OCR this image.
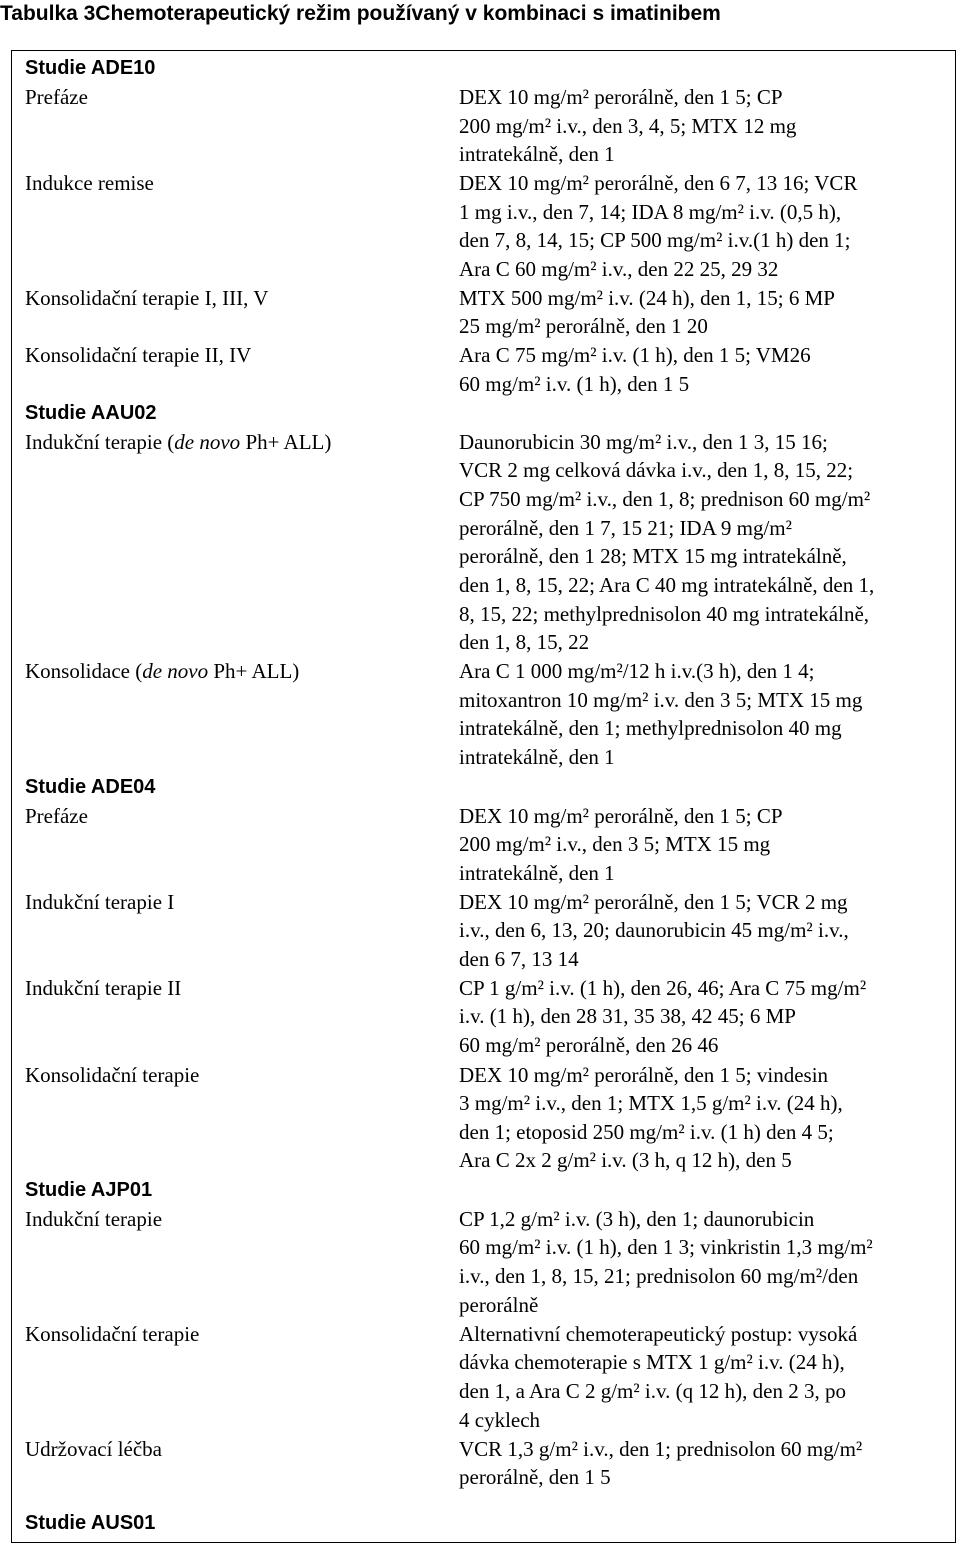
Tabulka 3Chemoterapeutický režim používaný v kombinaci s imatinibem
Studie ADE10
Prefáze	DEX 10 mg/m² perorálně, den 1 5; CP
200 mg/m² i.v., den 3, 4, 5; MTX 12 mg
intratekálně, den 1
Indukce remise	DEX 10 mg/m² perorálně, den 6 7, 13 16; VCR
1 mg i.v., den 7, 14; IDA 8 mg/m² i.v. (0,5 h),
den 7, 8, 14, 15; CP 500 mg/m² i.v.(1 h) den 1;
Ara C 60 mg/m² i.v., den 22 25, 29 32
Konsolidační terapie I, III, V	MTX 500 mg/m² i.v. (24 h), den 1, 15; 6 MP
25 mg/m² perorálně, den 1 20
Konsolidační terapie II, IV	Ara C 75 mg/m² i.v. (1 h), den 1 5; VM26
60 mg/m² i.v. (1 h), den 1 5
Studie AAU02
Indukční terapie (de novo Ph+ ALL)	Daunorubicin 30 mg/m² i.v., den 1 3, 15 16;
VCR 2 mg celková dávka i.v., den 1, 8, 15, 22;
CP 750 mg/m² i.v., den 1, 8; prednison 60 mg/m²
perorálně, den 1 7, 15 21; IDA 9 mg/m²
perorálně, den 1 28; MTX 15 mg intratekálně,
den 1, 8, 15, 22; Ara C 40 mg intratekálně, den 1,
8, 15, 22; methylprednisolon 40 mg intratekálně,
den 1, 8, 15, 22
Konsolidace (de novo Ph+ ALL)	Ara C 1 000 mg/m²/12 h i.v.(3 h), den 1 4;
mitoxantron 10 mg/m² i.v. den 3 5; MTX 15 mg
intratekálně, den 1; methylprednisolon 40 mg
intratekálně, den 1
Studie ADE04
Prefáze	DEX 10 mg/m² perorálně, den 1 5; CP
200 mg/m² i.v., den 3 5; MTX 15 mg
intratekálně, den 1
Indukční terapie I	DEX 10 mg/m² perorálně, den 1 5; VCR 2 mg
i.v., den 6, 13, 20; daunorubicin 45 mg/m² i.v.,
den 6 7, 13 14
Indukční terapie II	CP 1 g/m² i.v. (1 h), den 26, 46; Ara C 75 mg/m²
i.v. (1 h), den 28 31, 35 38, 42 45; 6 MP
60 mg/m² perorálně, den 26 46
Konsolidační terapie	DEX 10 mg/m² perorálně, den 1 5; vindesin
3 mg/m² i.v., den 1; MTX 1,5 g/m² i.v. (24 h),
den 1; etoposid 250 mg/m² i.v. (1 h) den 4 5;
Ara C 2x 2 g/m² i.v. (3 h, q 12 h), den 5
Studie AJP01
Indukční terapie	CP 1,2 g/m² i.v. (3 h), den 1; daunorubicin
60 mg/m² i.v. (1 h), den 1 3; vinkristin 1,3 mg/m²
i.v., den 1, 8, 15, 21; prednisolon 60 mg/m²/den
perorálně
Konsolidační terapie	Alternativní chemoterapeutický postup: vysoká
dávka chemoterapie s MTX 1 g/m² i.v. (24 h),
den 1, a Ara C 2 g/m² i.v. (q 12 h), den 2 3, po
4 cyklech
Udržovací léčba	VCR 1,3 g/m² i.v., den 1; prednisolon 60 mg/m²
perorálně, den 1 5
Studie AUS01
